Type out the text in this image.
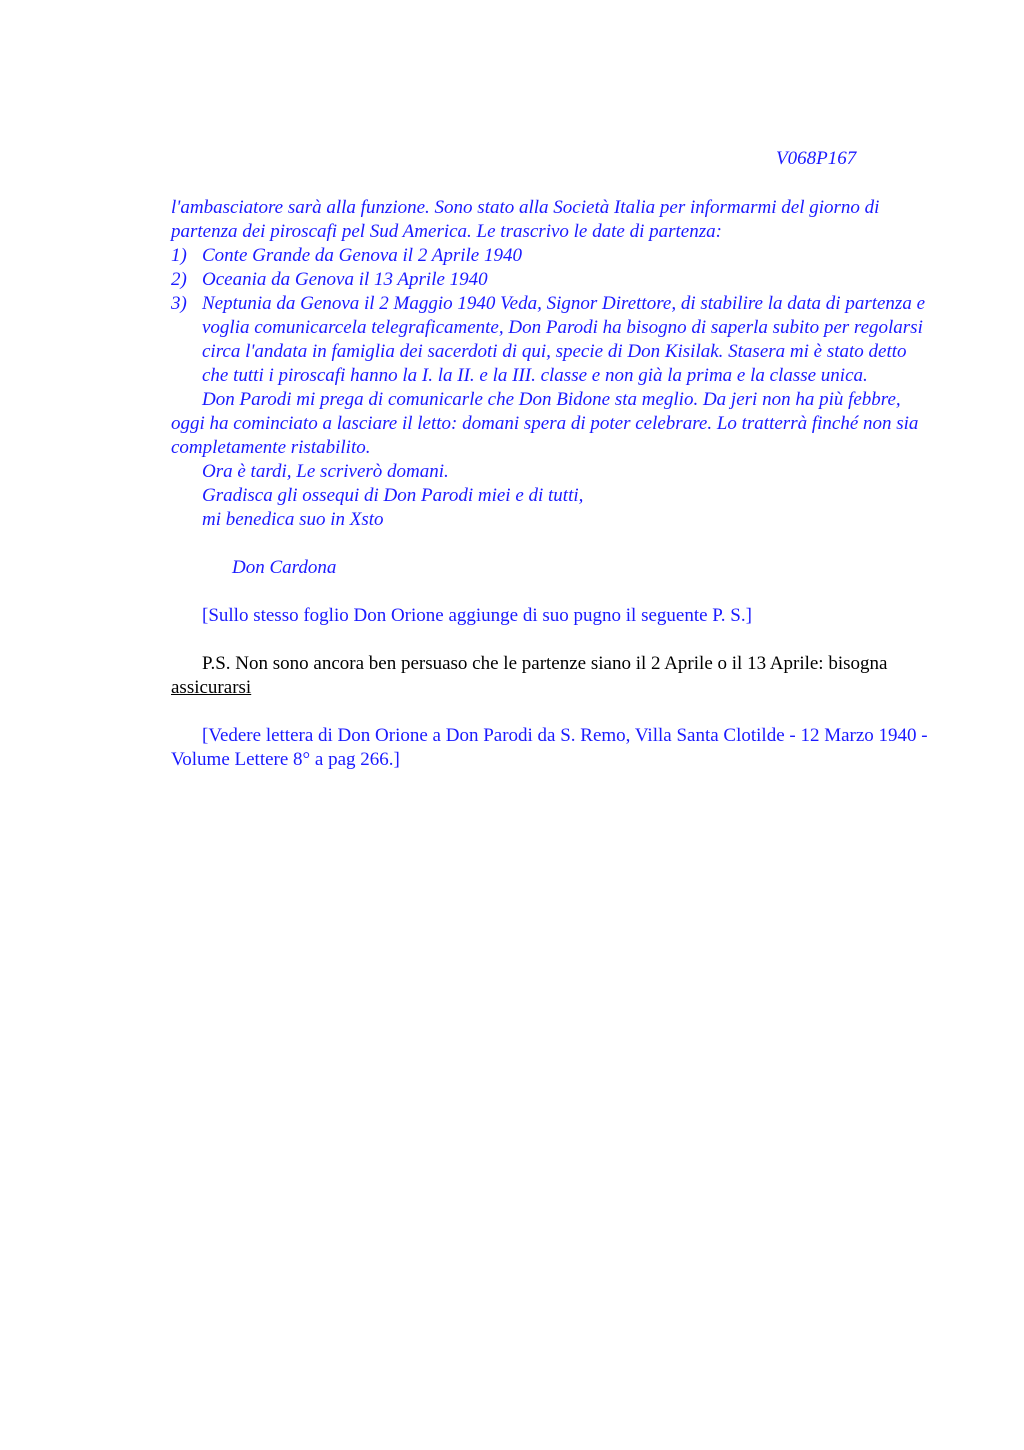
V068P167

l'ambasciatore sarà alla funzione. Sono stato alla Società Italia per informarmi del giorno di partenza dei piroscafi pel Sud America. Le trascrivo le date di partenza:

1) Conte Grande da Genova il 2 Aprile 1940
2) Oceania da Genova il 13 Aprile 1940
3) Neptunia da Genova il 2 Maggio 1940 Veda, Signor Direttore, di stabilire la data di partenza e voglia comunicarcela telegraficamente, Don Parodi ha bisogno di saperla subito per regolarsi circa l'andata in famiglia dei sacerdoti di qui, specie di Don Kisilak. Stasera mi è stato detto che tutti i piroscafi hanno la I. la II. e la III. classe e non già la prima e la classe unica.

Don Parodi mi prega di comunicarle che Don Bidone sta meglio. Da jeri non ha più febbre, oggi ha cominciato a lasciare il letto: domani spera di poter celebrare. Lo tratterrà finché non sia completamente ristabilito.

Ora è tardi, Le scriverò domani.

Gradisca gli ossequi di Don Parodi miei e di tutti,

mi benedica suo in Xsto

Don Cardona

[Sullo stesso foglio Don Orione aggiunge di suo pugno il seguente P. S.]

P.S. Non sono ancora ben persuaso che le partenze siano il 2 Aprile o il 13 Aprile: bisogna assicurarsi

[Vedere lettera di Don Orione a Don Parodi da S. Remo, Villa Santa Clotilde - 12 Marzo 1940 - Volume Lettere 8° a pag 266.]
